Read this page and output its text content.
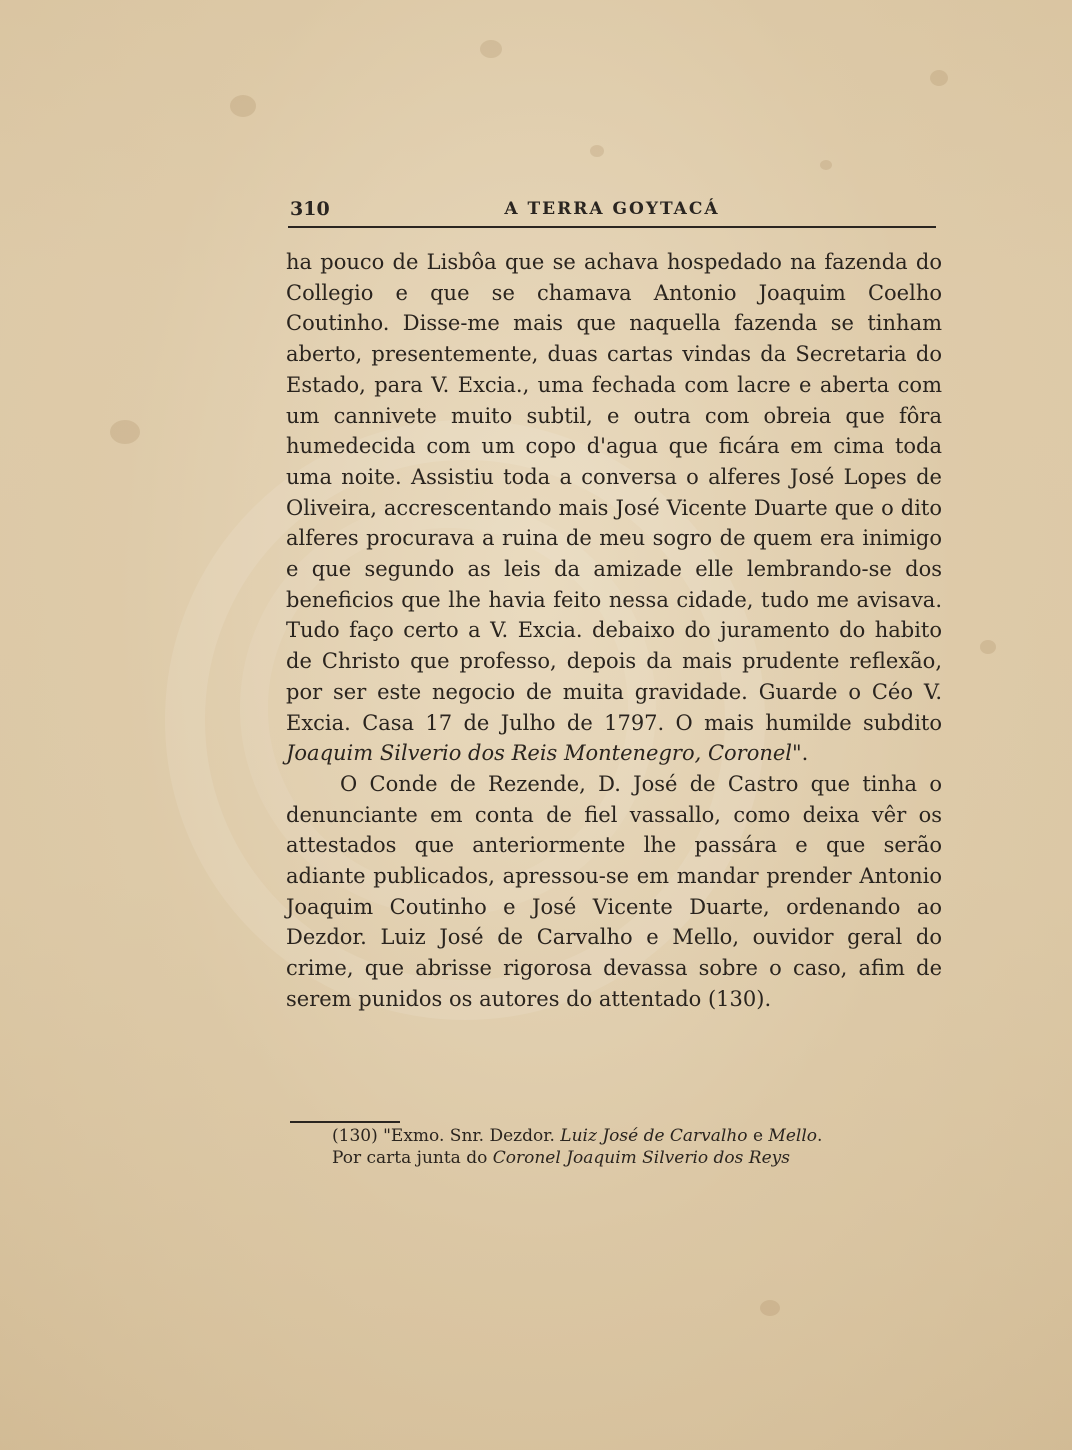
310	A TERRA GOYTACÁ

ha pouco de Lisbôa que se achava hospedado na fazenda do Collegio e que se chamava Antonio Joaquim Coelho Coutinho. Disse-me mais que naquella fazenda se tinham aberto, presentemente, duas cartas vindas da Secretaria do Estado, para V. Excia., uma fechada com lacre e aberta com um cannivete muito subtil, e outra com obreia que fôra humedecida com um copo d'agua que ficára em cima toda uma noite. Assistiu toda a conversa o alferes José Lopes de Oliveira, accrescentando mais José Vicente Duarte que o dito alferes procurava a ruina de meu sogro de quem era inimigo e que segundo as leis da amizade elle lembrando-se dos beneficios que lhe havia feito nessa cidade, tudo me avisava. Tudo faço certo a V. Excia. debaixo do juramento do habito de Christo que professo, depois da mais prudente reflexão, por ser este negocio de muita gravidade. Guarde o Céo V. Excia. Casa 17 de Julho de 1797. O mais humilde subdito Joaquim Silverio dos Reis Montenegro, Coronel".

O Conde de Rezende, D. José de Castro que tinha o denunciante em conta de fiel vassallo, como deixa vêr os attestados que anteriormente lhe passára e que serão adiante publicados, apressou-se em mandar prender Antonio Joaquim Coutinho e José Vicente Duarte, ordenando ao Dezdor. Luiz José de Carvalho e Mello, ouvidor geral do crime, que abrisse rigorosa devassa sobre o caso, afim de serem punidos os autores do attentado (130).

(130) "Exmo. Snr. Dezdor. Luiz José de Carvalho e Mello.

Por carta junta do Coronel Joaquim Silverio dos Reys
